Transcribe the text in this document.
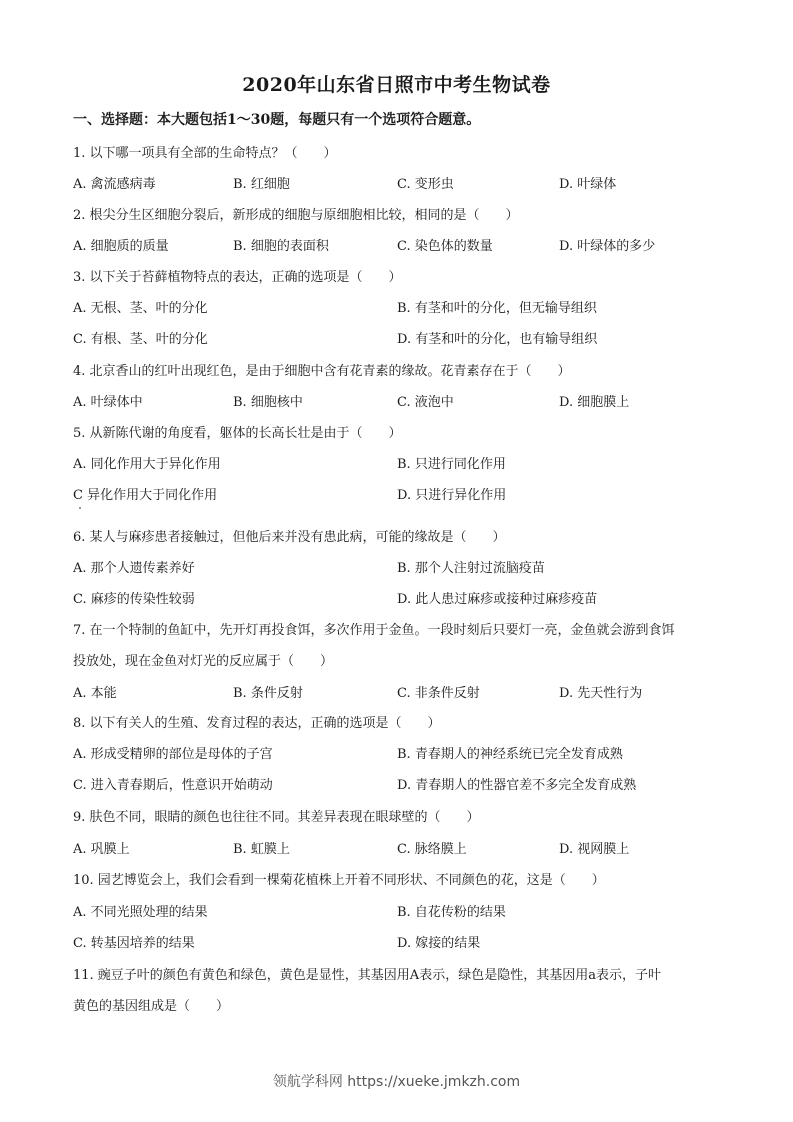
2020年山东省日照市中考生物试卷
一、选择题：本大题包括1～30题，每题只有一个选项符合题意。
1. 以下哪一项具有全部的生命特点？（　　）
A. 禽流感病毒	B. 红细胞	C. 变形虫	D. 叶绿体
2. 根尖分生区细胞分裂后，新形成的细胞与原细胞相比较，相同的是（　　）
A. 细胞质的质量	B. 细胞的表面积	C. 染色体的数量	D. 叶绿体的多少
3. 以下关于苔藓植物特点的表达，正确的选项是（　　）
A. 无根、茎、叶的分化	B. 有茎和叶的分化，但无输导组织
C. 有根、茎、叶的分化	D. 有茎和叶的分化，也有输导组织
4. 北京香山的红叶出现红色，是由于细胞中含有花青素的缘故。花青素存在于（　　）
A. 叶绿体中	B. 细胞核中	C. 液泡中	D. 细胞膜上
5. 从新陈代谢的角度看，躯体的长高长壮是由于（　　）
A. 同化作用大于异化作用	B. 只进行同化作用
C 异化作用大于同化作用	D. 只进行异化作用
6. 某人与麻疹患者接触过，但他后来并没有患此病，可能的缘故是（　　）
A. 那个人遗传素养好	B. 那个人注射过流脑疫苗
C. 麻疹的传染性较弱	D. 此人患过麻疹或接种过麻疹疫苗
7. 在一个特制的鱼缸中，先开灯再投食饵，多次作用于金鱼。一段时刻后只要灯一亮，金鱼就会游到食饵
投放处，现在金鱼对灯光的反应属于（　　）
A. 本能	B. 条件反射	C. 非条件反射	D. 先天性行为
8. 以下有关人的生殖、发育过程的表达，正确的选项是（　　）
A. 形成受精卵的部位是母体的子宫	B. 青春期人的神经系统已完全发育成熟
C. 进入青春期后，性意识开始萌动	D. 青春期人的性器官差不多完全发育成熟
9. 肤色不同，眼睛的颜色也往往不同。其差异表现在眼球壁的（　　）
A. 巩膜上	B. 虹膜上	C. 脉络膜上	D. 视网膜上
10. 园艺博览会上，我们会看到一棵菊花植株上开着不同形状、不同颜色的花，这是（　　）
A. 不同光照处理的结果	B. 自花传粉的结果
C. 转基因培养的结果	D. 嫁接的结果
11. 豌豆子叶的颜色有黄色和绿色，黄色是显性，其基因用A表示，绿色是隐性，其基因用a表示，子叶
黄色的基因组成是（　　）
领航学科网 https://xueke.jmkzh.com
